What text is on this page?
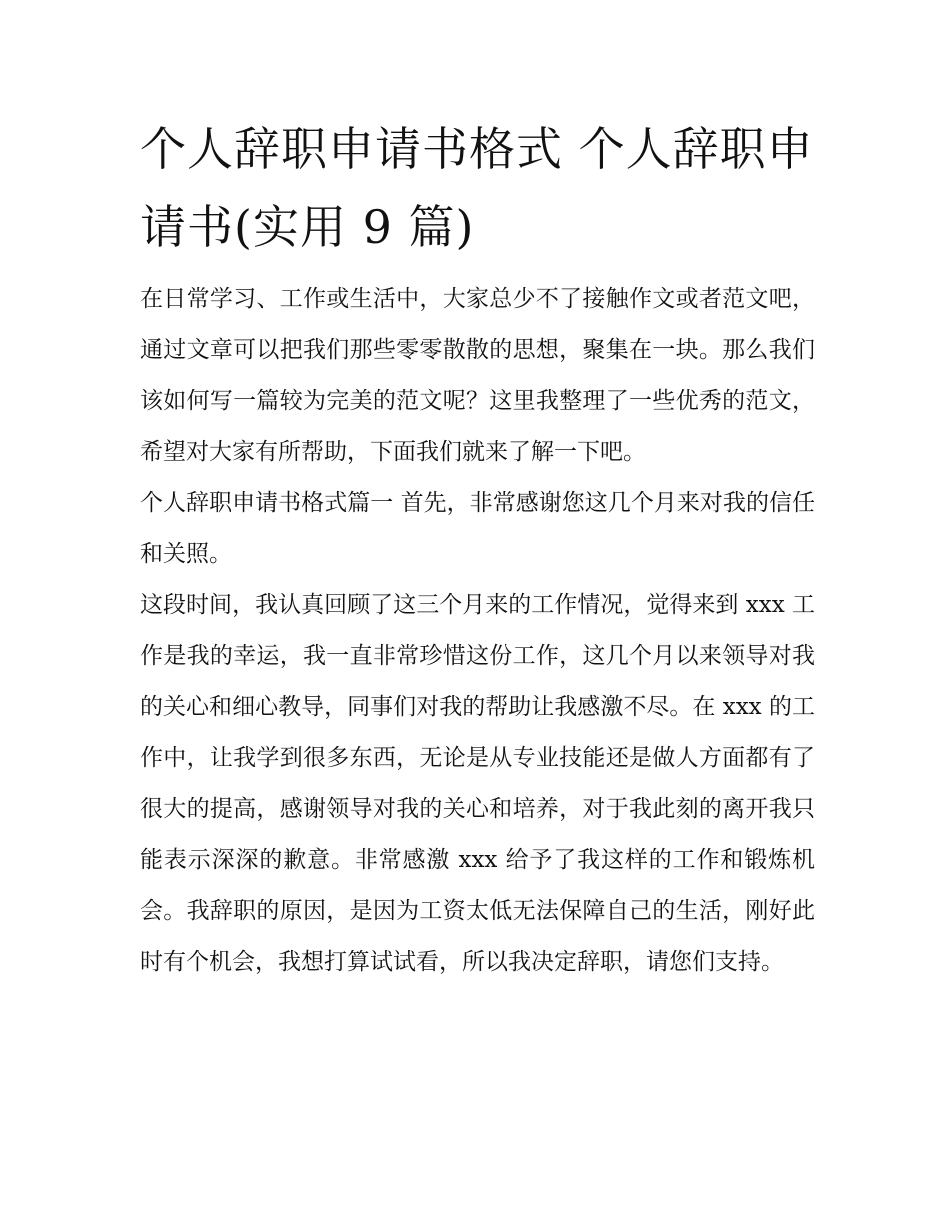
个人辞职申请书格式 个人辞职申请书(实用 9 篇)

在日常学习、工作或生活中，大家总少不了接触作文或者范文吧，通过文章可以把我们那些零零散散的思想，聚集在一块。那么我们该如何写一篇较为完美的范文呢？这里我整理了一些优秀的范文，希望对大家有所帮助，下面我们就来了解一下吧。

个人辞职申请书格式篇一 首先，非常感谢您这几个月来对我的信任和关照。

这段时间，我认真回顾了这三个月来的工作情况，觉得来到 xxx 工作是我的幸运，我一直非常珍惜这份工作，这几个月以来领导对我的关心和细心教导，同事们对我的帮助让我感激不尽。在 xxx 的工作中，让我学到很多东西，无论是从专业技能还是做人方面都有了很大的提高，感谢领导对我的关心和培养，对于我此刻的离开我只能表示深深的歉意。非常感激 xxx 给予了我这样的工作和锻炼机会。我辞职的原因，是因为工资太低无法保障自己的生活，刚好此时有个机会，我想打算试试看，所以我决定辞职，请您们支持。
